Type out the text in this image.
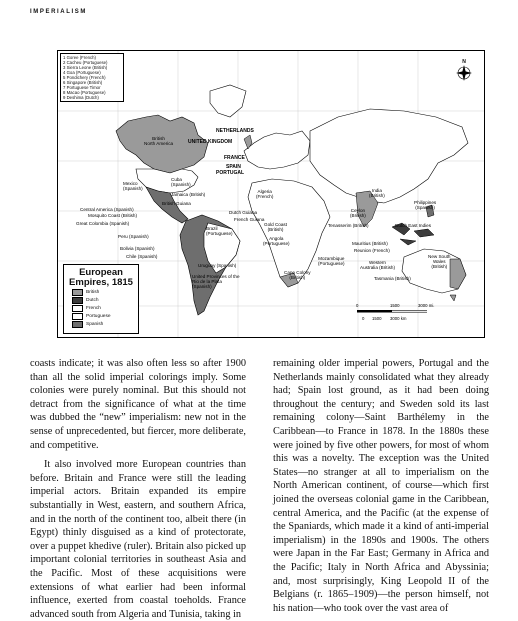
IMPERIALISM
1 Goree (French)
2 Cacheu (Portuguese)
3 Sierra Leone (British)
4 Goa (Portuguese)
5 Pondichery (French)
6 Singapore (British)
7 Portuguese Timor
8 Macao (Portuguese)
9 Deshima (Dutch)
British
North America
NETHERLANDS
UNITED KINGDOM
FRANCE
SPAIN
PORTUGAL
Cuba
(Spanish)
Mexico
(Spanish)
Jamaica (British)
British Guiana
Central America (Spanish)
Mosquito Coast (British)
Great Colombia (Spanish)
Dutch Guiana
French Guiana
Brazil
(Portuguese)
Peru (Spanish)
Bolivia (Spanish)
Chile (Spanish)
Uruguay (Spanish)
United Provinces of the
Rio de la Plata
(Spanish)
Algeria
(French)
Gold Coast
(British)
Angola
(Portuguese)
Mozambique
(Portuguese)
Cape Colony
(British)
Mauritius (British)
Reunion (French)
India
(British)
Ceylon
(British)
Tenasserim (British)	Dutch East Indies
Philippines
(Spanish)
Western
Australia (British)
New South
Wales
(British)
Tasmania (British)
N
0	1500	3000 mi.
0 1500 3000 km
European
Empires, 1815
British
Dutch
French
Portuguese
Spanish

coasts indicate; it was also often less so after 1900 than all the solid imperial colorings imply. Some colonies were purely nominal. But this should not detract from the significance of what at the time was dubbed the “new” imperialism: new not in the sense of unprecedented, but fiercer, more deliberate, and competitive.

It also involved more European countries than before. Britain and France were still the leading imperial actors. Britain expanded its empire substantially in West, eastern, and southern Africa, and in the north of the continent too, albeit there (in Egypt) thinly disguised as a kind of protectorate, over a puppet khedive (ruler). Britain also picked up important colonial territories in southeast Asia and the Pacific. Most of these acquisitions were extensions of what earlier had been informal influence, exerted from coastal toeholds. France advanced south from Algeria and Tunisia, taking in

remaining older imperial powers, Portugal and the Netherlands mainly consolidated what they already had; Spain lost ground, as it had been doing throughout the century; and Sweden sold its last remaining colony—Saint Barthélemy in the Caribbean—to France in 1878. In the 1880s these were joined by five other powers, for most of whom this was a novelty. The exception was the United States—no stranger at all to imperialism on the North American continent, of course—which first joined the overseas colonial game in the Caribbean, central America, and the Pacific (at the expense of the Spaniards, which made it a kind of anti-imperial imperialism) in the 1890s and 1900s. The others were Japan in the Far East; Germany in Africa and the Pacific; Italy in North Africa and Abyssinia; and, most surprisingly, King Leopold II of the Belgians (r. 1865–1909)—the person himself, not his nation—who took over the vast area of
